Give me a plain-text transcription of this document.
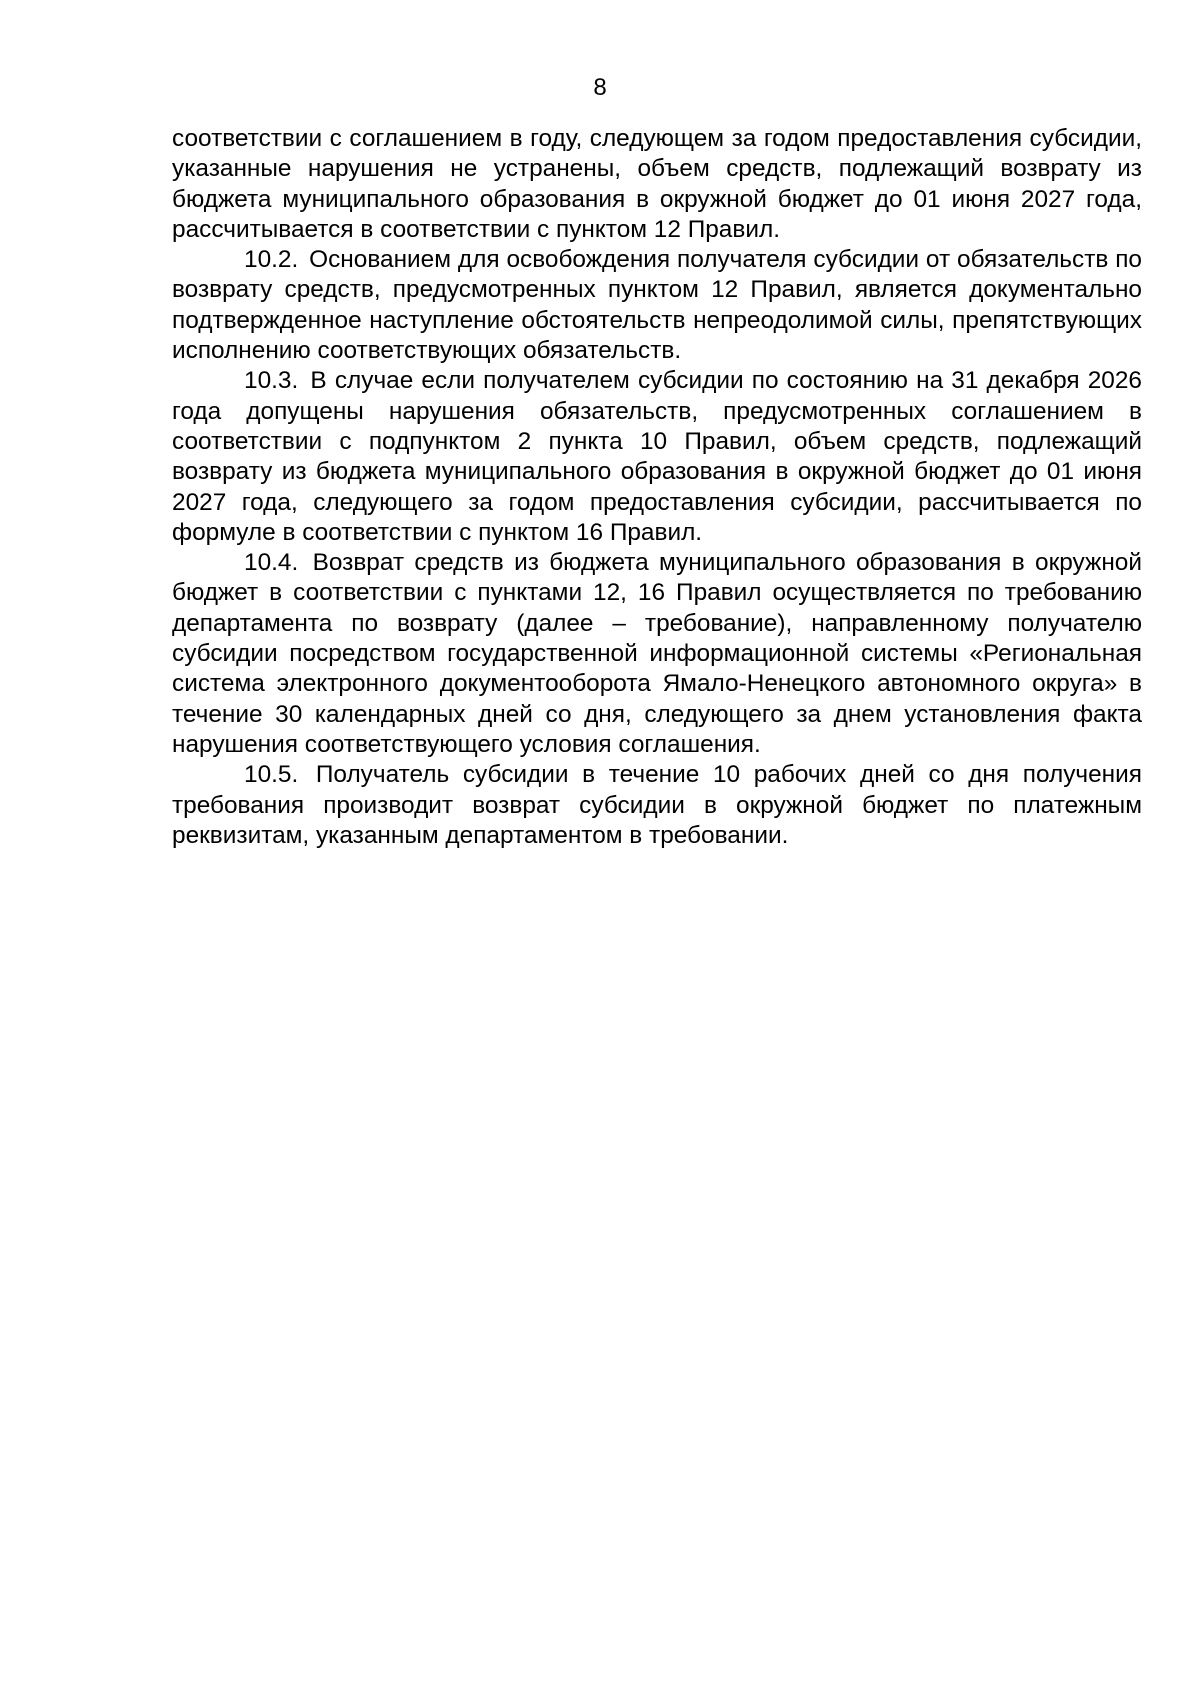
8

соответствии с соглашением в году, следующем за годом предоставления субсидии, указанные нарушения не устранены, объем средств, подлежащий возврату из бюджета муниципального образования в окружной бюджет до 01 июня 2027 года, рассчитывается в соответствии с пунктом 12 Правил.

10.2. Основанием для освобождения получателя субсидии от обязательств по возврату средств, предусмотренных пунктом 12 Правил, является документально подтвержденное наступление обстоятельств непреодолимой силы, препятствующих исполнению соответствующих обязательств.

10.3. В случае если получателем субсидии по состоянию на 31 декабря 2026 года допущены нарушения обязательств, предусмотренных соглашением в соответствии с подпунктом 2 пункта 10 Правил, объем средств, подлежащий возврату из бюджета муниципального образования в окружной бюджет до 01 июня 2027 года, следующего за годом предоставления субсидии, рассчитывается по формуле в соответствии с пунктом 16 Правил.

10.4. Возврат средств из бюджета муниципального образования в окружной бюджет в соответствии с пунктами 12, 16 Правил осуществляется по требованию департамента по возврату (далее – требование), направленному получателю субсидии посредством государственной информационной системы «Региональная система электронного документооборота Ямало-Ненецкого автономного округа» в течение 30 календарных дней со дня, следующего за днем установления факта нарушения соответствующего условия соглашения.

10.5. Получатель субсидии в течение 10 рабочих дней со дня получения требования производит возврат субсидии в окружной бюджет по платежным реквизитам, указанным департаментом в требовании.
